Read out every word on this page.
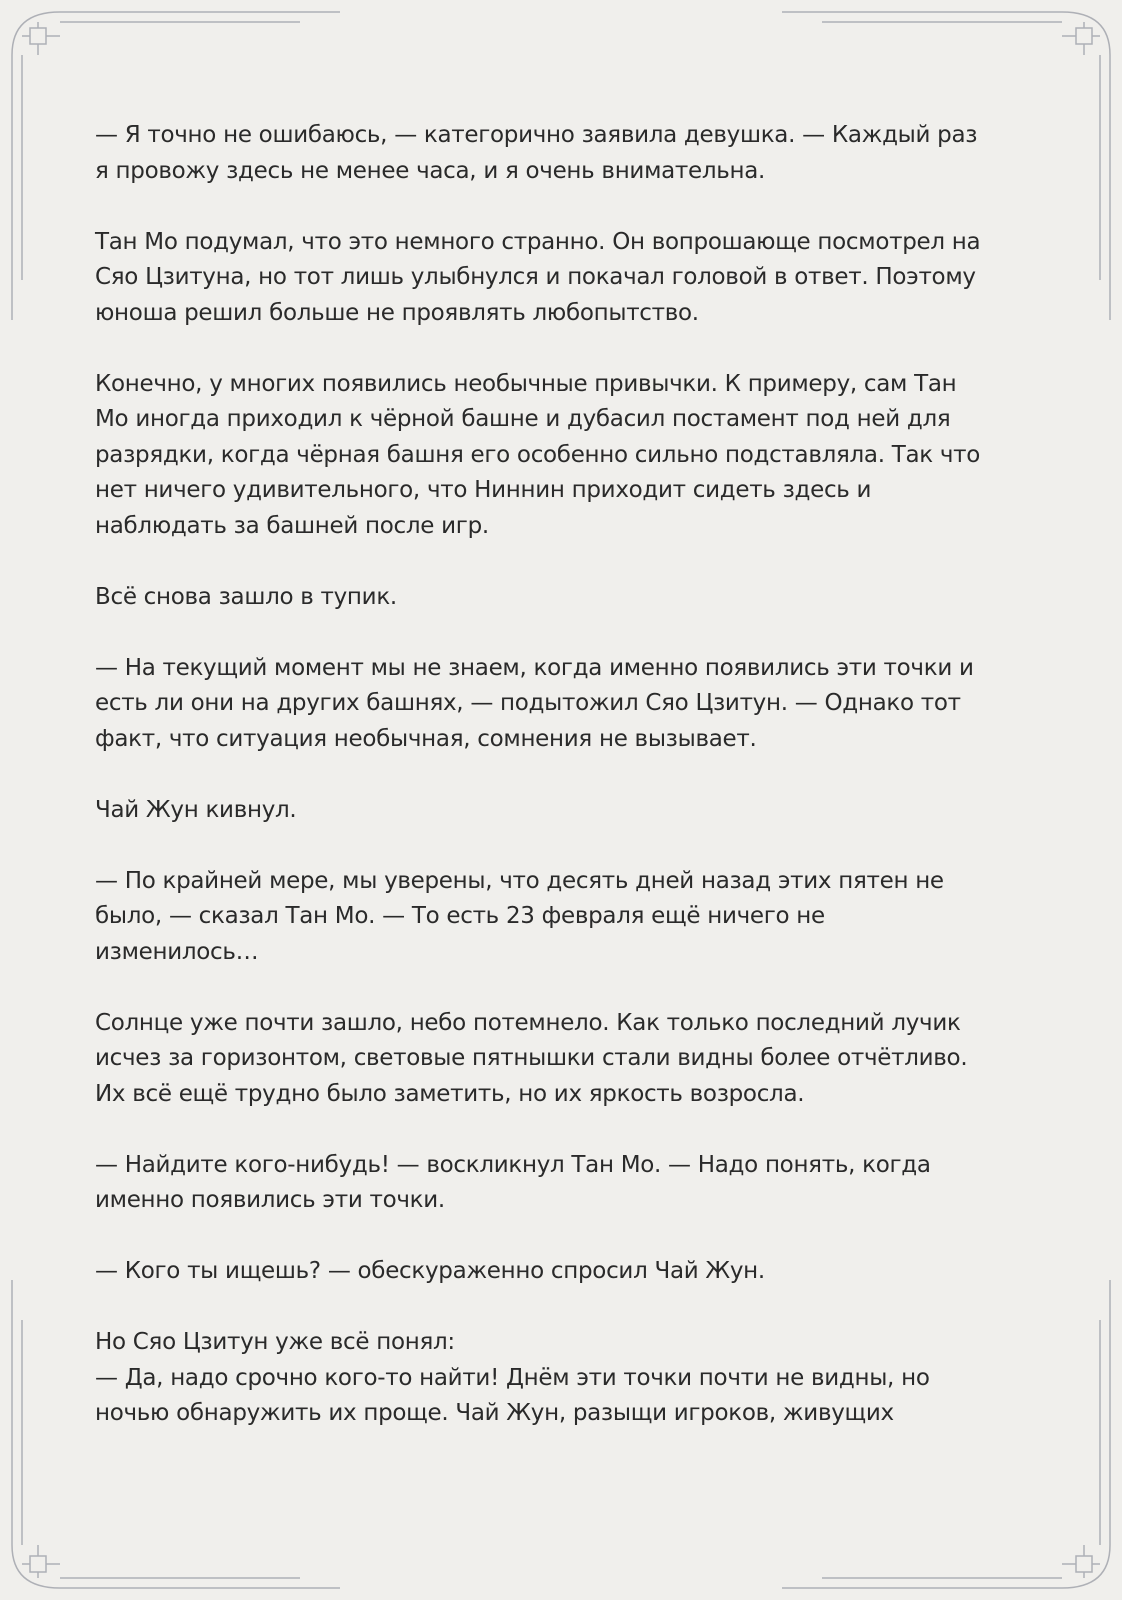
— Я точно не ошибаюсь, — категорично заявила девушка. — Каждый раз
я провожу здесь не менее часа, и я очень внимательна.

Тан Мо подумал, что это немного странно. Он вопрошающе посмотрел на
Сяо Цзитуна, но тот лишь улыбнулся и покачал головой в ответ. Поэтому
юноша решил больше не проявлять любопытство.

Конечно, у многих появились необычные привычки. К примеру, сам Тан
Мо иногда приходил к чёрной башне и дубасил постамент под ней для
разрядки, когда чёрная башня его особенно сильно подставляла. Так что
нет ничего удивительного, что Ниннин приходит сидеть здесь и
наблюдать за башней после игр.

Всё снова зашло в тупик.

— На текущий момент мы не знаем, когда именно появились эти точки и
есть ли они на других башнях, — подытожил Сяо Цзитун. — Однако тот
факт, что ситуация необычная, сомнения не вызывает.

Чай Жун кивнул.

— По крайней мере, мы уверены, что десять дней назад этих пятен не
было, — сказал Тан Мо. — То есть 23 февраля ещё ничего не
изменилось…

Солнце уже почти зашло, небо потемнело. Как только последний лучик
исчез за горизонтом, световые пятнышки стали видны более отчётливо.
Их всё ещё трудно было заметить, но их яркость возросла.

— Найдите кого-нибудь! — воскликнул Тан Мо. — Надо понять, когда
именно появились эти точки.

— Кого ты ищешь? — обескураженно спросил Чай Жун.

Но Сяо Цзитун уже всё понял:
— Да, надо срочно кого-то найти! Днём эти точки почти не видны, но
ночью обнаружить их проще. Чай Жун, разыщи игроков, живущих
